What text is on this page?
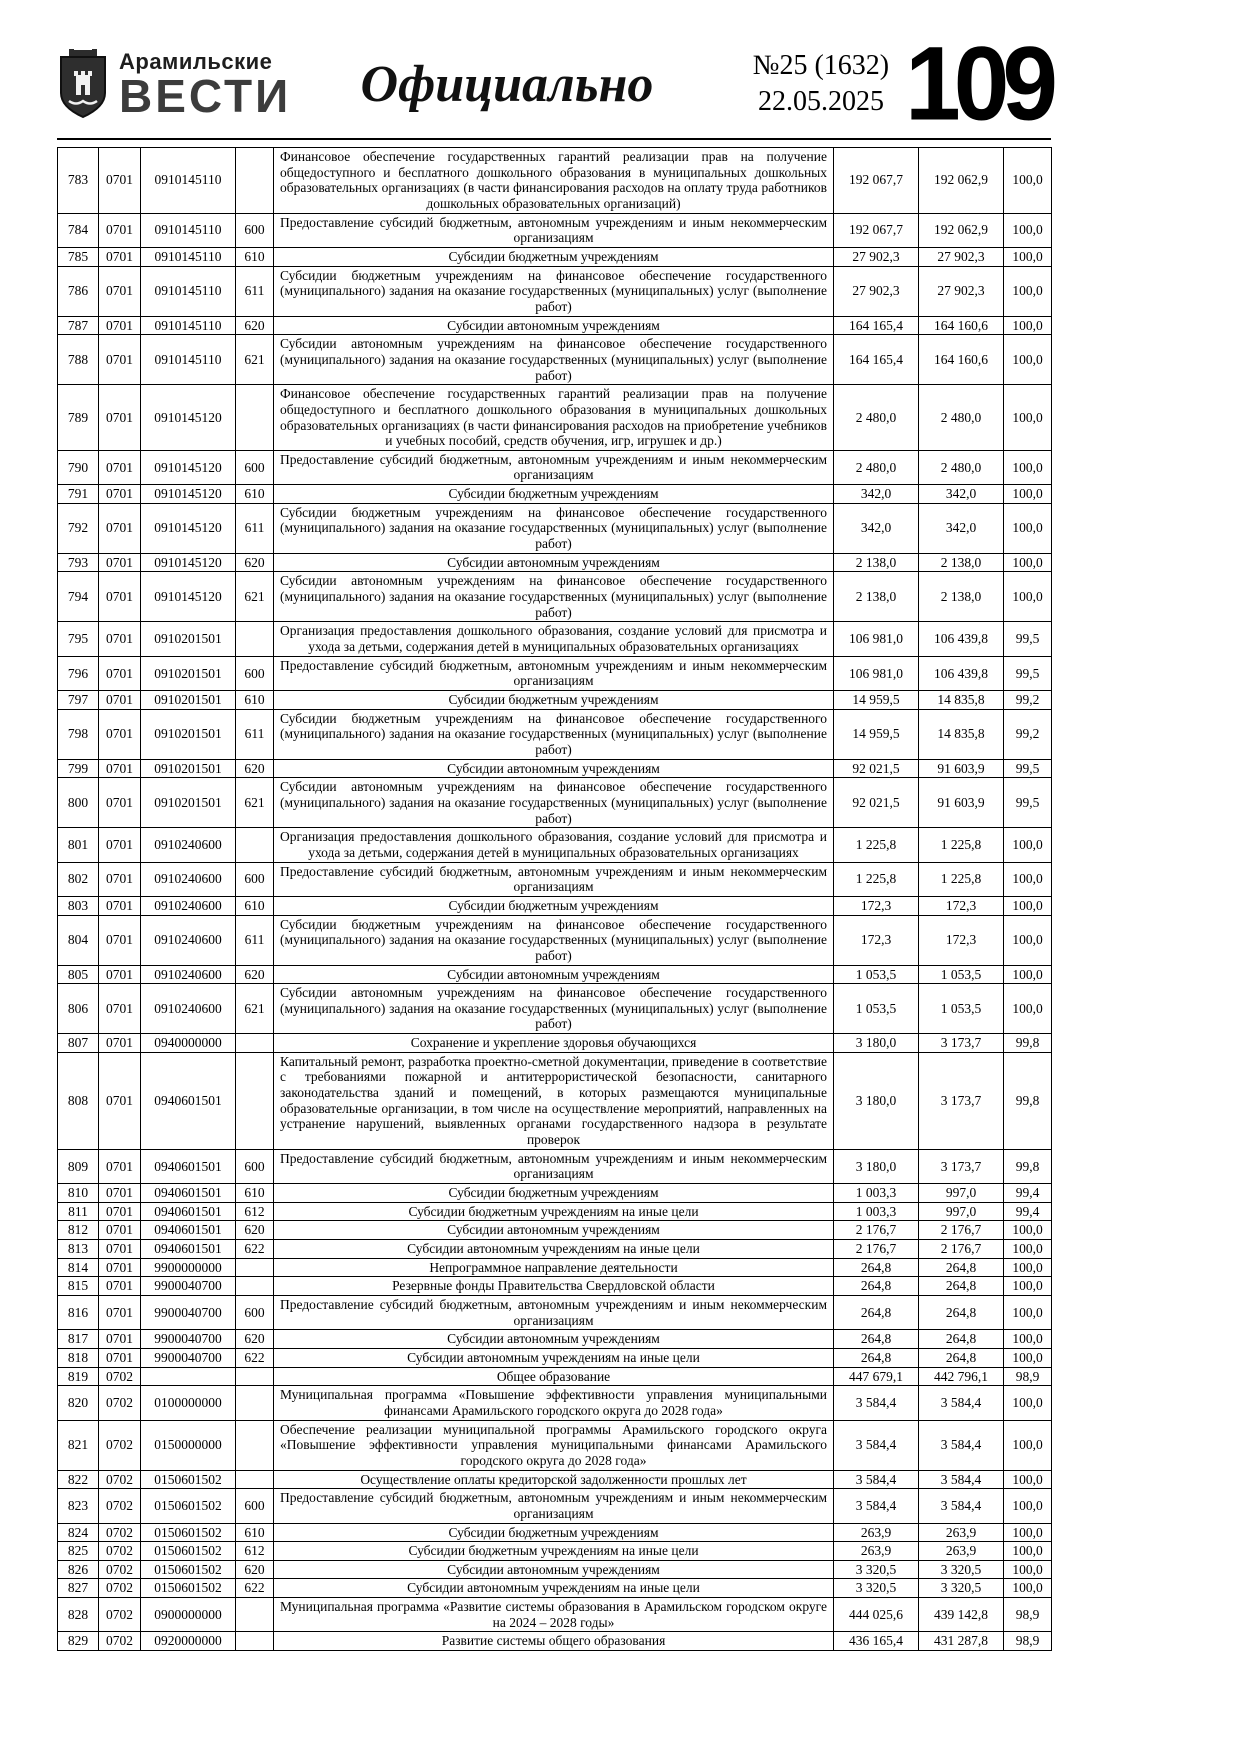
Арамильские
ВЕСТИ	Официально	№25 (1632)
22.05.2025 109
783	0701	0910145110		Финансовое обеспечение государственных гарантий реализации прав на получение общедоступного и бесплатного дошкольного образования в муниципальных дошкольных образовательных организациях (в части финансирования расходов на оплату труда работников дошкольных образовательных организаций)	192 067,7	192 062,9	100,0
784	0701	0910145110	600	Предоставление субсидий бюджетным, автономным учреждениям и иным некоммерческим организациям	192 067,7	192 062,9	100,0
785	0701	0910145110	610	Субсидии бюджетным учреждениям	27 902,3	27 902,3	100,0
786	0701	0910145110	611	Субсидии бюджетным учреждениям на финансовое обеспечение государственного (муниципального) задания на оказание государственных (муниципальных) услуг (выполнение работ)	27 902,3	27 902,3	100,0
787	0701	0910145110	620	Субсидии автономным учреждениям	164 165,4	164 160,6	100,0
788	0701	0910145110	621	Субсидии автономным учреждениям на финансовое обеспечение государственного (муниципального) задания на оказание государственных (муниципальных) услуг (выполнение работ)	164 165,4	164 160,6	100,0
789	0701	0910145120		Финансовое обеспечение государственных гарантий реализации прав на получение общедоступного и бесплатного дошкольного образования в муниципальных дошкольных образовательных организациях (в части финансирования расходов на приобретение учебников и учебных пособий, средств обучения, игр, игрушек и др.)	2 480,0	2 480,0	100,0
790	0701	0910145120	600	Предоставление субсидий бюджетным, автономным учреждениям и иным некоммерческим организациям	2 480,0	2 480,0	100,0
791	0701	0910145120	610	Субсидии бюджетным учреждениям	342,0	342,0	100,0
792	0701	0910145120	611	Субсидии бюджетным учреждениям на финансовое обеспечение государственного (муниципального) задания на оказание государственных (муниципальных) услуг (выполнение работ)	342,0	342,0	100,0
793	0701	0910145120	620	Субсидии автономным учреждениям	2 138,0	2 138,0	100,0
794	0701	0910145120	621	Субсидии автономным учреждениям на финансовое обеспечение государственного (муниципального) задания на оказание государственных (муниципальных) услуг (выполнение работ)	2 138,0	2 138,0	100,0
795	0701	0910201501		Организация предоставления дошкольного образования, создание условий для присмотра и ухода за детьми, содержания детей в муниципальных образовательных организациях	106 981,0	106 439,8	99,5
796	0701	0910201501	600	Предоставление субсидий бюджетным, автономным учреждениям и иным некоммерческим организациям	106 981,0	106 439,8	99,5
797	0701	0910201501	610	Субсидии бюджетным учреждениям	14 959,5	14 835,8	99,2
798	0701	0910201501	611	Субсидии бюджетным учреждениям на финансовое обеспечение государственного (муниципального) задания на оказание государственных (муниципальных) услуг (выполнение работ)	14 959,5	14 835,8	99,2
799	0701	0910201501	620	Субсидии автономным учреждениям	92 021,5	91 603,9	99,5
800	0701	0910201501	621	Субсидии автономным учреждениям на финансовое обеспечение государственного (муниципального) задания на оказание государственных (муниципальных) услуг (выполнение работ)	92 021,5	91 603,9	99,5
801	0701	0910240600		Организация предоставления дошкольного образования, создание условий для присмотра и ухода за детьми, содержания детей в муниципальных образовательных организациях	1 225,8	1 225,8	100,0
802	0701	0910240600	600	Предоставление субсидий бюджетным, автономным учреждениям и иным некоммерческим организациям	1 225,8	1 225,8	100,0
803	0701	0910240600	610	Субсидии бюджетным учреждениям	172,3	172,3	100,0
804	0701	0910240600	611	Субсидии бюджетным учреждениям на финансовое обеспечение государственного (муниципального) задания на оказание государственных (муниципальных) услуг (выполнение работ)	172,3	172,3	100,0
805	0701	0910240600	620	Субсидии автономным учреждениям	1 053,5	1 053,5	100,0
806	0701	0910240600	621	Субсидии автономным учреждениям на финансовое обеспечение государственного (муниципального) задания на оказание государственных (муниципальных) услуг (выполнение работ)	1 053,5	1 053,5	100,0
807	0701	0940000000		Сохранение и укрепление здоровья обучающихся	3 180,0	3 173,7	99,8
808	0701	0940601501		Капитальный ремонт, разработка проектно-сметной документации, приведение в соответствие с требованиями пожарной и антитеррористической безопасности, санитарного законодательства зданий и помещений, в которых размещаются муниципальные образовательные организации, в том числе на осуществление мероприятий, направленных на устранение нарушений, выявленных органами государственного надзора в результате проверок	3 180,0	3 173,7	99,8
809	0701	0940601501	600	Предоставление субсидий бюджетным, автономным учреждениям и иным некоммерческим организациям	3 180,0	3 173,7	99,8
810	0701	0940601501	610	Субсидии бюджетным учреждениям	1 003,3	997,0	99,4
811	0701	0940601501	612	Субсидии бюджетным учреждениям на иные цели	1 003,3	997,0	99,4
812	0701	0940601501	620	Субсидии автономным учреждениям	2 176,7	2 176,7	100,0
813	0701	0940601501	622	Субсидии автономным учреждениям на иные цели	2 176,7	2 176,7	100,0
814	0701	9900000000		Непрограммное направление деятельности	264,8	264,8	100,0
815	0701	9900040700		Резервные фонды Правительства Свердловской области	264,8	264,8	100,0
816	0701	9900040700	600	Предоставление субсидий бюджетным, автономным учреждениям и иным некоммерческим организациям	264,8	264,8	100,0
817	0701	9900040700	620	Субсидии автономным учреждениям	264,8	264,8	100,0
818	0701	9900040700	622	Субсидии автономным учреждениям на иные цели	264,8	264,8	100,0
819	0702			Общее образование	447 679,1	442 796,1	98,9
820	0702	0100000000		Муниципальная программа «Повышение эффективности управления муниципальными финансами Арамильского городского округа до 2028 года»	3 584,4	3 584,4	100,0
821	0702	0150000000		Обеспечение реализации муниципальной программы Арамильского городского округа «Повышение эффективности управления муниципальными финансами Арамильского городского округа до 2028 года»	3 584,4	3 584,4	100,0
822	0702	0150601502		Осуществление оплаты кредиторской задолженности прошлых лет	3 584,4	3 584,4	100,0
823	0702	0150601502	600	Предоставление субсидий бюджетным, автономным учреждениям и иным некоммерческим организациям	3 584,4	3 584,4	100,0
824	0702	0150601502	610	Субсидии бюджетным учреждениям	263,9	263,9	100,0
825	0702	0150601502	612	Субсидии бюджетным учреждениям на иные цели	263,9	263,9	100,0
826	0702	0150601502	620	Субсидии автономным учреждениям	3 320,5	3 320,5	100,0
827	0702	0150601502	622	Субсидии автономным учреждениям на иные цели	3 320,5	3 320,5	100,0
828	0702	0900000000		Муниципальная программа «Развитие системы образования в Арамильском городском округе на 2024 – 2028 годы»	444 025,6	439 142,8	98,9
829	0702	0920000000		Развитие системы общего образования	436 165,4	431 287,8	98,9
